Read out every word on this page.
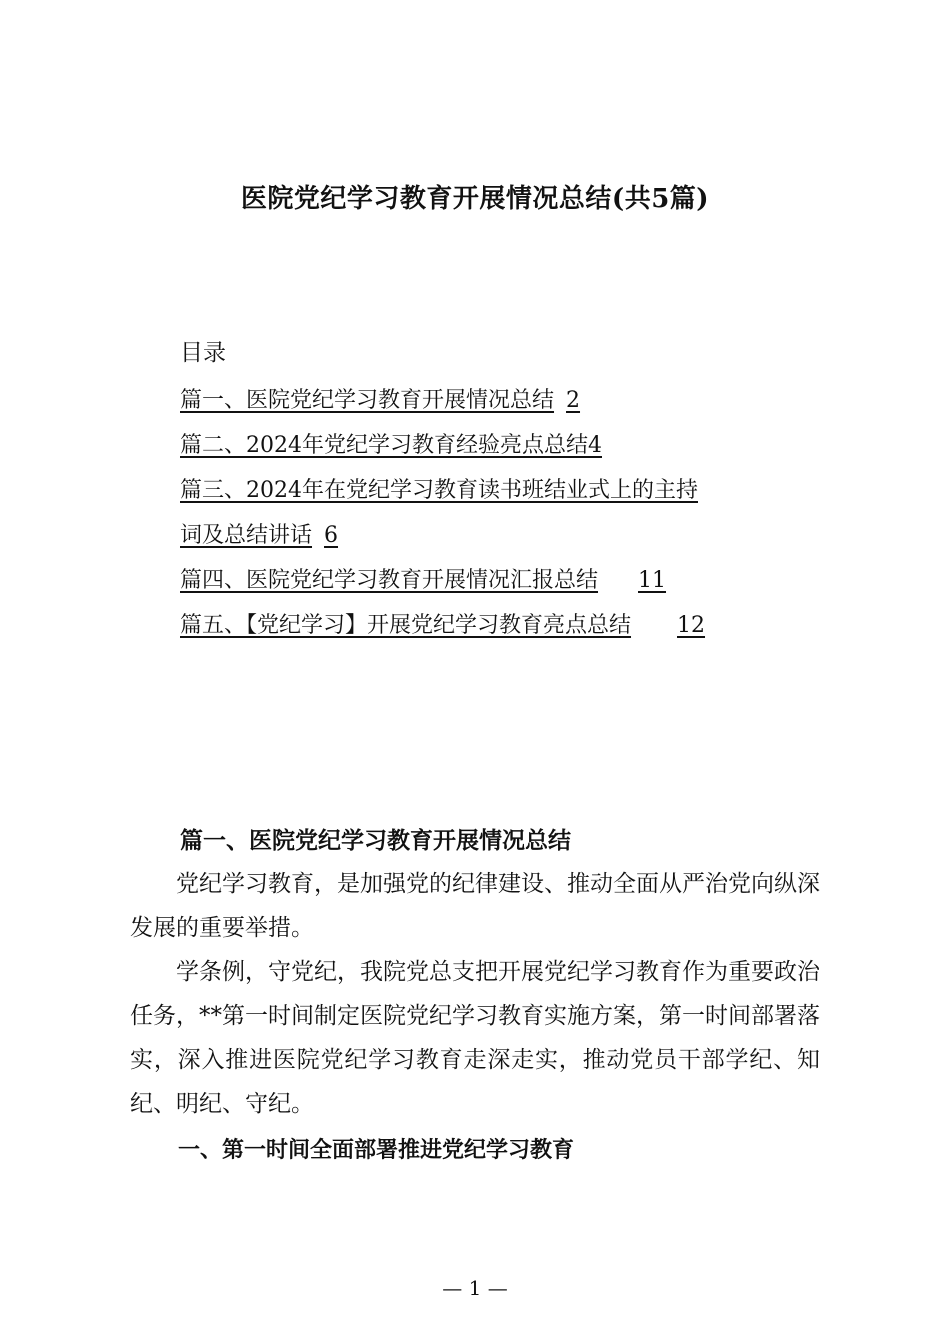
医院党纪学习教育开展情况总结(共5篇)
目录
篇一、医院党纪学习教育开展情况总结 2
篇二、2024年党纪学习教育经验亮点总结4
篇三、2024年在党纪学习教育读书班结业式上的主持
词及总结讲话 6
篇四、医院党纪学习教育开展情况汇报总结 11
篇五、【党纪学习】开展党纪学习教育亮点总结 12
篇一、医院党纪学习教育开展情况总结

党纪学习教育，是加强党的纪律建设、推动全面从严治党向纵深发展的重要举措。

学条例，守党纪，我院党总支把开展党纪学习教育作为重要政治任务，**第一时间制定医院党纪学习教育实施方案，第一时间部署落实，深入推进医院党纪学习教育走深走实，推动党员干部学纪、知纪、明纪、守纪。

一、第一时间全面部署推进党纪学习教育
— 1 —
